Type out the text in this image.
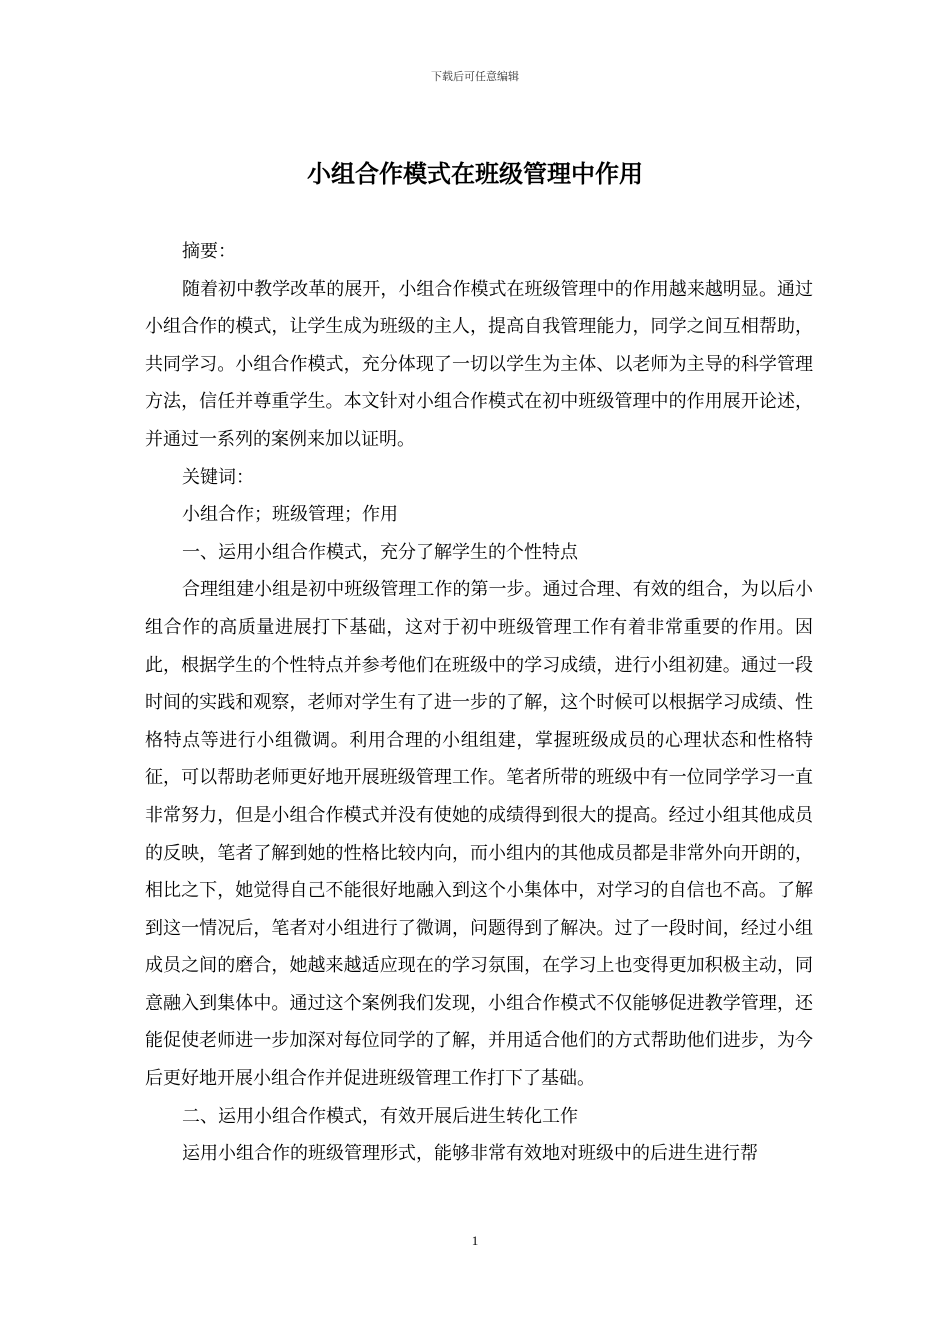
下载后可任意编辑
小组合作模式在班级管理中作用

摘要：

随着初中教学改革的展开，小组合作模式在班级管理中的作用越来越明显。通过小组合作的模式，让学生成为班级的主人，提高自我管理能力，同学之间互相帮助，共同学习。小组合作模式，充分体现了一切以学生为主体、以老师为主导的科学管理方法，信任并尊重学生。本文针对小组合作模式在初中班级管理中的作用展开论述，并通过一系列的案例来加以证明。

关键词：

小组合作；班级管理；作用

一、运用小组合作模式，充分了解学生的个性特点

合理组建小组是初中班级管理工作的第一步。通过合理、有效的组合，为以后小组合作的高质量进展打下基础，这对于初中班级管理工作有着非常重要的作用。因此，根据学生的个性特点并参考他们在班级中的学习成绩，进行小组初建。通过一段时间的实践和观察，老师对学生有了进一步的了解，这个时候可以根据学习成绩、性格特点等进行小组微调。利用合理的小组组建，掌握班级成员的心理状态和性格特征，可以帮助老师更好地开展班级管理工作。笔者所带的班级中有一位同学学习一直非常努力，但是小组合作模式并没有使她的成绩得到很大的提高。经过小组其他成员的反映，笔者了解到她的性格比较内向，而小组内的其他成员都是非常外向开朗的，相比之下，她觉得自己不能很好地融入到这个小集体中，对学习的自信也不高。了解到这一情况后，笔者对小组进行了微调，问题得到了解决。过了一段时间，经过小组成员之间的磨合，她越来越适应现在的学习氛围，在学习上也变得更加积极主动，同意融入到集体中。通过这个案例我们发现，小组合作模式不仅能够促进教学管理，还能促使老师进一步加深对每位同学的了解，并用适合他们的方式帮助他们进步，为今后更好地开展小组合作并促进班级管理工作打下了基础。

二、运用小组合作模式，有效开展后进生转化工作

运用小组合作的班级管理形式，能够非常有效地对班级中的后进生进行帮

1
